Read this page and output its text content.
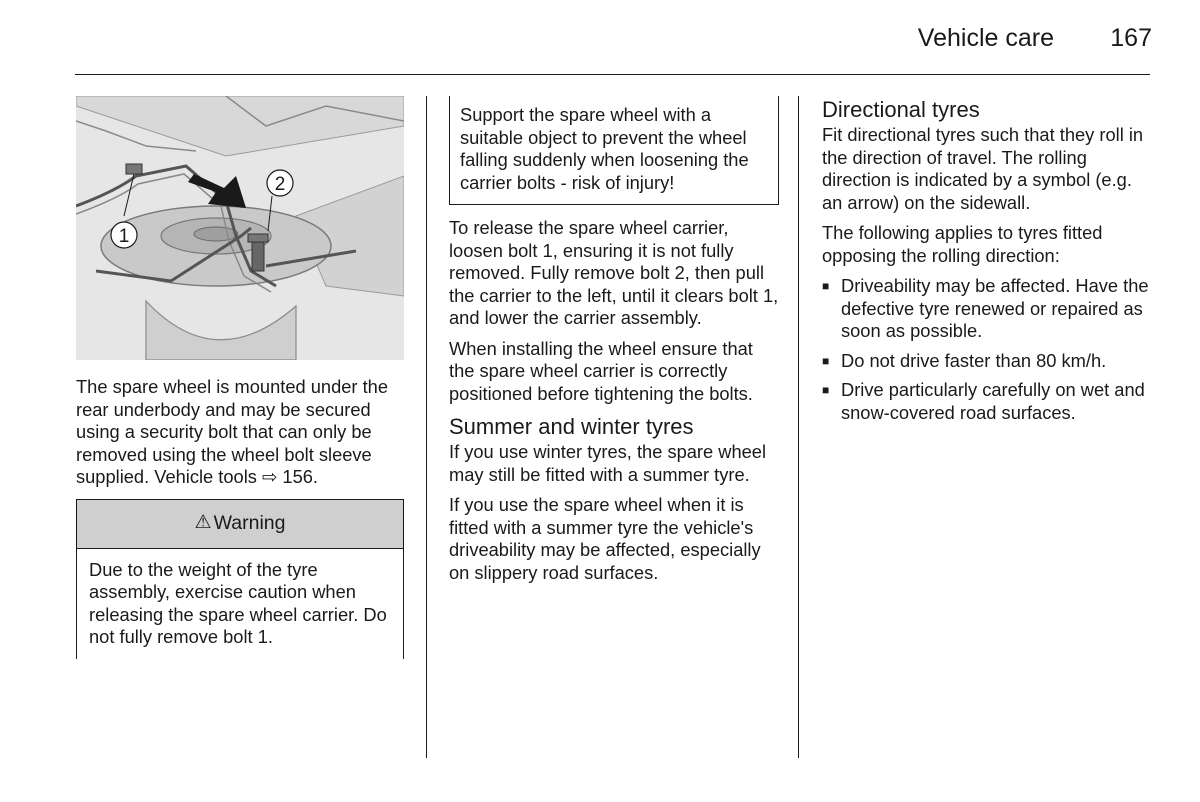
Vehicle care 167
1
2

The spare wheel is mounted under the rear underbody and may be secured using a security bolt that can only be removed using the wheel bolt sleeve supplied. Vehicle tools ⇨ 156.

⚠ Warning
Due to the weight of the tyre assembly, exercise caution when releasing the spare wheel carrier. Do not fully remove bolt 1.
Support the spare wheel with a suitable object to prevent the wheel falling suddenly when loosening the carrier bolts - risk of injury!

To release the spare wheel carrier, loosen bolt 1, ensuring it is not fully removed. Fully remove bolt 2, then pull the carrier to the left, until it clears bolt 1, and lower the carrier assembly.

When installing the wheel ensure that the spare wheel carrier is correctly positioned before tightening the bolts.

Summer and winter tyres

If you use winter tyres, the spare wheel may still be fitted with a summer tyre.

If you use the spare wheel when it is fitted with a summer tyre the vehicle's driveability may be affected, especially on slippery road surfaces.

Directional tyres

Fit directional tyres such that they roll in the direction of travel. The rolling direction is indicated by a symbol (e.g. an arrow) on the sidewall.

The following applies to tyres fitted opposing the rolling direction:

■ Driveability may be affected. Have the defective tyre renewed or repaired as soon as possible.
■ Do not drive faster than 80 km/h.
■ Drive particularly carefully on wet and snow-covered road surfaces.
